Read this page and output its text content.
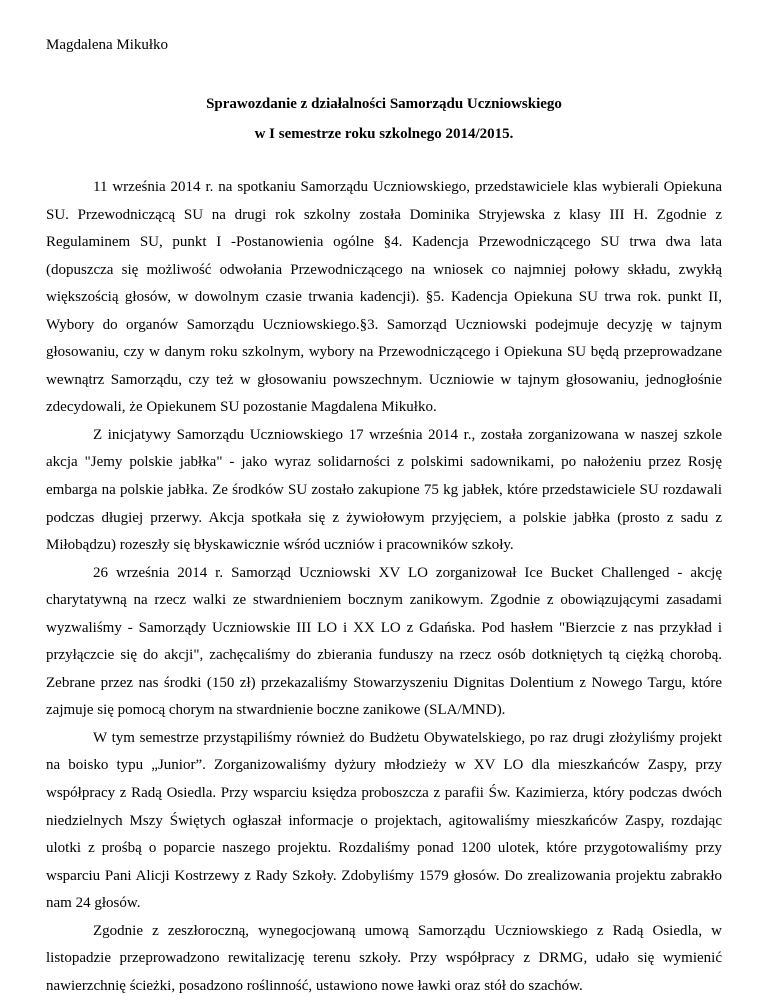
Magdalena Mikułko
Sprawozdanie z działalności Samorządu Uczniowskiego
w I semestrze roku szkolnego 2014/2015.

11 września 2014 r. na spotkaniu Samorządu Uczniowskiego, przedstawiciele klas wybierali Opiekuna SU. Przewodniczącą SU na drugi rok szkolny została Dominika Stryjewska z klasy III H. Zgodnie z Regulaminem SU, punkt I -Postanowienia ogólne §4. Kadencja Przewodniczącego SU trwa dwa lata (dopuszcza się możliwość odwołania Przewodniczącego na wniosek co najmniej połowy składu, zwykłą większością głosów, w dowolnym czasie trwania kadencji). §5. Kadencja Opiekuna SU trwa rok. punkt II, Wybory do organów Samorządu Uczniowskiego.§3. Samorząd Uczniowski podejmuje decyzję w tajnym głosowaniu, czy w danym roku szkolnym, wybory na Przewodniczącego i Opiekuna SU będą przeprowadzane wewnątrz Samorządu, czy też w głosowaniu powszechnym. Uczniowie w tajnym głosowaniu, jednogłośnie zdecydowali, że Opiekunem SU pozostanie Magdalena Mikułko.

Z inicjatywy Samorządu Uczniowskiego 17 września 2014 r., została zorganizowana w naszej szkole akcja "Jemy polskie jabłka" - jako wyraz solidarności z polskimi sadownikami, po nałożeniu przez Rosję embarga na polskie jabłka. Ze środków SU zostało zakupione 75 kg jabłek, które przedstawiciele SU rozdawali podczas długiej przerwy. Akcja spotkała się z żywiołowym przyjęciem, a polskie jabłka (prosto z sadu z Miłobądzu) rozeszły się błyskawicznie wśród uczniów i pracowników szkoły.

26 września 2014 r. Samorząd Uczniowski XV LO zorganizował Ice Bucket Challenged - akcję charytatywną na rzecz walki ze stwardnieniem bocznym zanikowym. Zgodnie z obowiązującymi zasadami wyzwaliśmy - Samorządy Uczniowskie III LO i XX LO z Gdańska. Pod hasłem "Bierzcie z nas przykład i przyłączcie się do akcji", zachęcaliśmy do zbierania funduszy na rzecz osób dotkniętych tą ciężką chorobą. Zebrane przez nas środki (150 zł) przekazaliśmy Stowarzyszeniu Dignitas Dolentium z Nowego Targu, które zajmuje się pomocą chorym na stwardnienie boczne zanikowe (SLA/MND).

W tym semestrze przystąpiliśmy również do Budżetu Obywatelskiego, po raz drugi złożyliśmy projekt na boisko typu „Junior”. Zorganizowaliśmy dyżury młodzieży w XV LO dla mieszkańców Zaspy, przy współpracy z Radą Osiedla. Przy wsparciu księdza proboszcza z parafii Św. Kazimierza, który podczas dwóch niedzielnych Mszy Świętych ogłaszał informacje o projektach, agitowaliśmy mieszkańców Zaspy, rozdając ulotki z prośbą o poparcie naszego projektu. Rozdaliśmy ponad 1200 ulotek, które przygotowaliśmy przy wsparciu Pani Alicji Kostrzewy z Rady Szkoły. Zdobyliśmy 1579 głosów. Do zrealizowania projektu zabrakło nam 24 głosów.

Zgodnie z zeszłoroczną, wynegocjowaną umową Samorządu Uczniowskiego z Radą Osiedla, w listopadzie przeprowadzono rewitalizację terenu szkoły. Przy współpracy z DRMG, udało się wymienić nawierzchnię ścieżki, posadzono roślinność, ustawiono nowe ławki oraz stół do szachów.
